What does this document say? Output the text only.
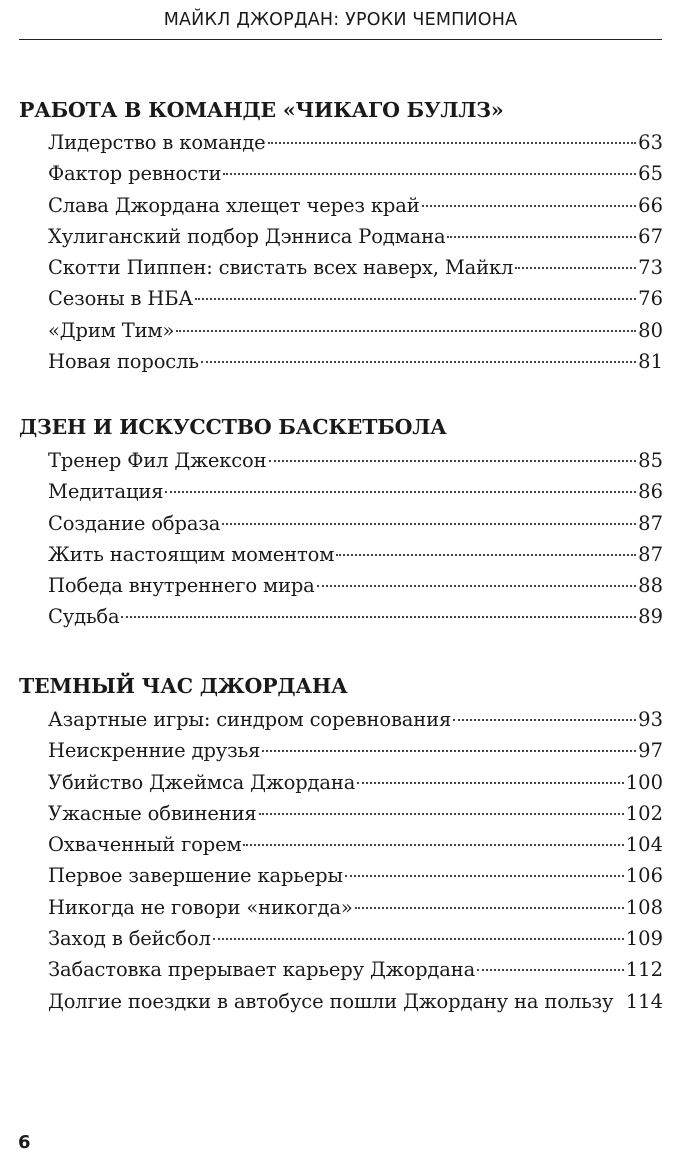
МАЙКЛ ДЖОРДАН: УРОКИ ЧЕМПИОНА
РАБОТА В КОМАНДЕ «ЧИКАГО БУЛЛЗ»
Лидерство в команде	63
Фактор ревности	65
Слава Джордана хлещет через край	66
Хулиганский подбор Дэнниса Родмана	67
Скотти Пиппен: свистать всех наверх, Майкл	73
Сезоны в НБА	76
«Дрим Тим»	80
Новая поросль	81
ДЗЕН И ИСКУССТВО БАСКЕТБОЛА
Тренер Фил Джексон	85
Медитация	86
Создание образа	87
Жить настоящим моментом	87
Победа внутреннего мира	88
Судьба	89
ТЕМНЫЙ ЧАС ДЖОРДАНА
Азартные игры: синдром соревнования	93
Неискренние друзья	97
Убийство Джеймса Джордана	100
Ужасные обвинения	102
Охваченный горем	104
Первое завершение карьеры	106
Никогда не говори «никогда»	108
Заход в бейсбол	109
Забастовка прерывает карьеру Джордана	112
Долгие поездки в автобусе пошли Джордану на пользу 114
6
